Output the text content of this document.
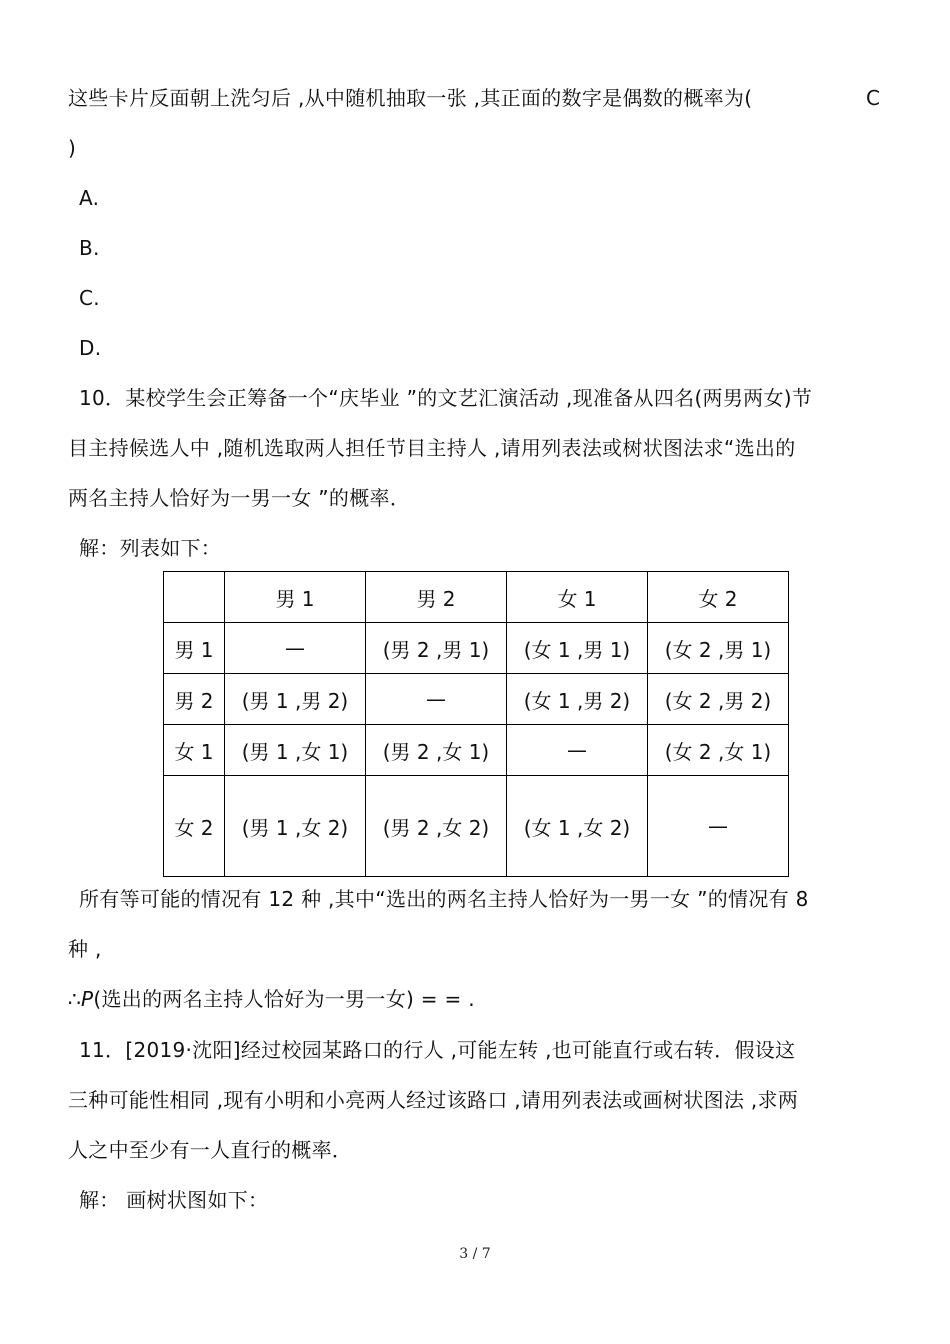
这些卡片反面朝上洗匀后 ,从中随机抽取一张 ,其正面的数字是偶数的概率为(	C
)
A.
B.
C.
D.
10．某校学生会正筹备一个“庆毕业 ”的文艺汇演活动 ,现准备从四名(两男两女)节
目主持候选人中 ,随机选取两人担任节目主持人 ,请用列表法或树状图法求“选出的
两名主持人恰好为一男一女 ”的概率．
解：列表如下：
	男 1	男 2	女 1	女 2
男 1	—	(男 2 ,男 1)	(女 1 ,男 1)	(女 2 ,男 1)
男 2	(男 1 ,男 2)	—	(女 1 ,男 2)	(女 2 ,男 2)
女 1	(男 1 ,女 1)	(男 2 ,女 1)	—	(女 2 ,女 1)
女 2	(男 1 ,女 2)	(男 2 ,女 2)	(女 1 ,女 2)	—
所有等可能的情况有 12 种 ,其中“选出的两名主持人恰好为一男一女 ”的情况有 8
种 ,
∴P(选出的两名主持人恰好为一男一女) = = .
11．[2019·沈阳]经过校园某路口的行人 ,可能左转 ,也可能直行或右转．假设这
三种可能性相同 ,现有小明和小亮两人经过该路口 ,请用列表法或画树状图法 ,求两
人之中至少有一人直行的概率．
解： 画树状图如下：
3 / 7
